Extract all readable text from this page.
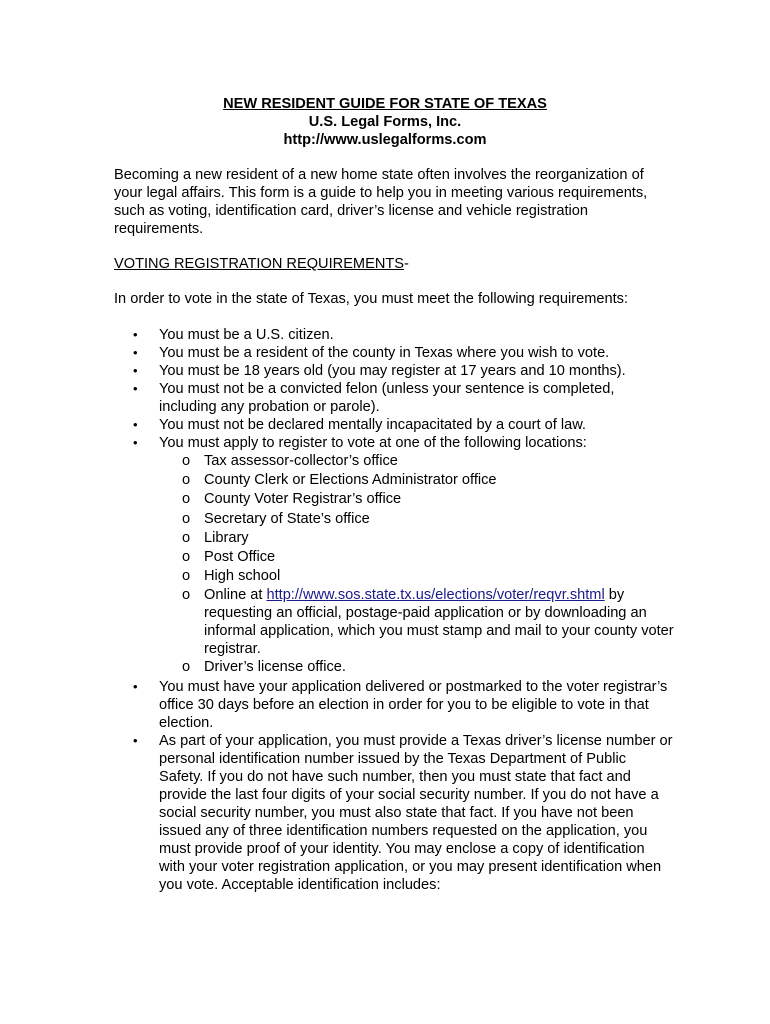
NEW RESIDENT GUIDE FOR STATE OF TEXAS
U.S. Legal Forms, Inc.
http://www.uslegalforms.com

Becoming a new resident of a new home state often involves the reorganization of your legal affairs. This form is a guide to help you in meeting various requirements, such as voting, identification card, driver’s license and vehicle registration requirements.

VOTING REGISTRATION REQUIREMENTS-

In order to vote in the state of Texas, you must meet the following requirements:

• You must be a U.S. citizen.
• You must be a resident of the county in Texas where you wish to vote.
• You must be 18 years old (you may register at 17 years and 10 months).
• You must not be a convicted felon (unless your sentence is completed, including any probation or parole).
• You must not be declared mentally incapacitated by a court of law.
• You must apply to register to vote at one of the following locations:
o Tax assessor-collector’s office
o County Clerk or Elections Administrator office
o County Voter Registrar’s office
o Secretary of State’s office
o Library
o Post Office
o High school
o Online at http://www.sos.state.tx.us/elections/voter/reqvr.shtml by requesting an official, postage-paid application or by downloading an informal application, which you must stamp and mail to your county voter registrar.
o Driver’s license office.
• You must have your application delivered or postmarked to the voter registrar’s office 30 days before an election in order for you to be eligible to vote in that election.
• As part of your application, you must provide a Texas driver’s license number or personal identification number issued by the Texas Department of Public Safety. If you do not have such number, then you must state that fact and provide the last four digits of your social security number. If you do not have a social security number, you must also state that fact. If you have not been issued any of three identification numbers requested on the application, you must provide proof of your identity. You may enclose a copy of identification with your voter registration application, or you may present identification when you vote. Acceptable identification includes:
